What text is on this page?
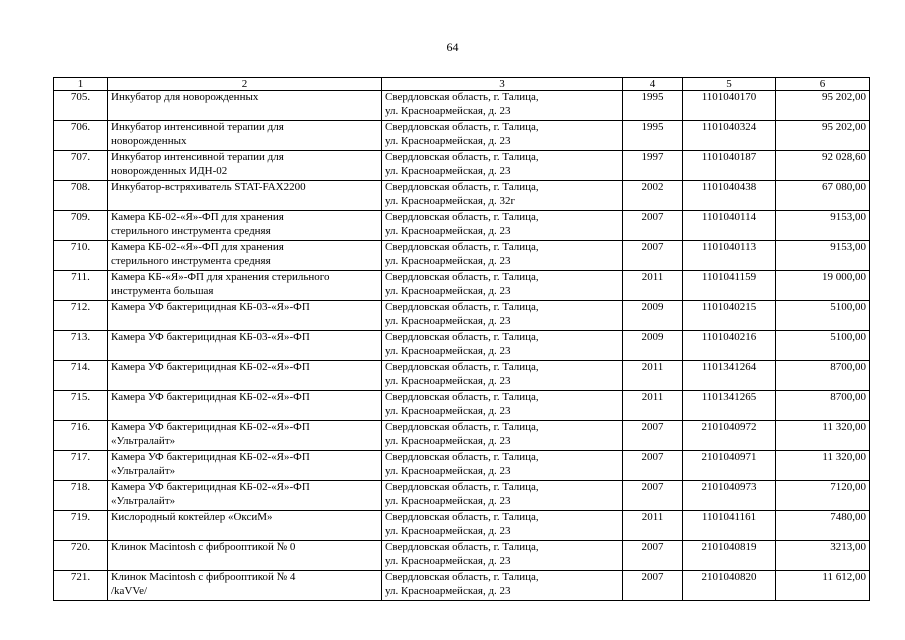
64
1	2	3	4	5	6
705.	Инкубатор для новорожденных	Свердловская область, г. Талица,
ул. Красноармейская, д. 23	1995	1101040170	95 202,00
706.	Инкубатор интенсивной терапии для
новорожденных	Свердловская область, г. Талица,
ул. Красноармейская, д. 23	1995	1101040324	95 202,00
707.	Инкубатор интенсивной терапии для
новорожденных ИДН-02	Свердловская область, г. Талица,
ул. Красноармейская, д. 23	1997	1101040187	92 028,60
708.	Инкубатор-встряхиватель STAT-FAX2200	Свердловская область, г. Талица,
ул. Красноармейская, д. 32г	2002	1101040438	67 080,00
709.	Камера КБ-02-«Я»-ФП для хранения
стерильного инструмента средняя	Свердловская область, г. Талица,
ул. Красноармейская, д. 23	2007	1101040114	9153,00
710.	Камера КБ-02-«Я»-ФП для хранения
стерильного инструмента средняя	Свердловская область, г. Талица,
ул. Красноармейская, д. 23	2007	1101040113	9153,00
711.	Камера КБ-«Я»-ФП для хранения стерильного
инструмента большая	Свердловская область, г. Талица,
ул. Красноармейская, д. 23	2011	1101041159	19 000,00
712.	Камера УФ бактерицидная КБ-03-«Я»-ФП	Свердловская область, г. Талица,
ул. Красноармейская, д. 23	2009	1101040215	5100,00
713.	Камера УФ бактерицидная КБ-03-«Я»-ФП	Свердловская область, г. Талица,
ул. Красноармейская, д. 23	2009	1101040216	5100,00
714.	Камера УФ бактерицидная КБ-02-«Я»-ФП	Свердловская область, г. Талица,
ул. Красноармейская, д. 23	2011	1101341264	8700,00
715.	Камера УФ бактерицидная КБ-02-«Я»-ФП	Свердловская область, г. Талица,
ул. Красноармейская, д. 23	2011	1101341265	8700,00
716.	Камера УФ бактерицидная КБ-02-«Я»-ФП
«Ультралайт»	Свердловская область, г. Талица,
ул. Красноармейская, д. 23	2007	2101040972	11 320,00
717.	Камера УФ бактерицидная КБ-02-«Я»-ФП
«Ультралайт»	Свердловская область, г. Талица,
ул. Красноармейская, д. 23	2007	2101040971	11 320,00
718.	Камера УФ бактерицидная КБ-02-«Я»-ФП
«Ультралайт»	Свердловская область, г. Талица,
ул. Красноармейская, д. 23	2007	2101040973	7120,00
719.	Кислородный коктейлер «ОксиМ»	Свердловская область, г. Талица,
ул. Красноармейская, д. 23	2011	1101041161	7480,00
720.	Клинок Macintosh с фиброоптикой № 0	Свердловская область, г. Талица,
ул. Красноармейская, д. 23	2007	2101040819	3213,00
721.	Клинок Macintosh с фиброоптикой № 4
/kaVVe/	Свердловская область, г. Талица,
ул. Красноармейская, д. 23	2007	2101040820	11 612,00
